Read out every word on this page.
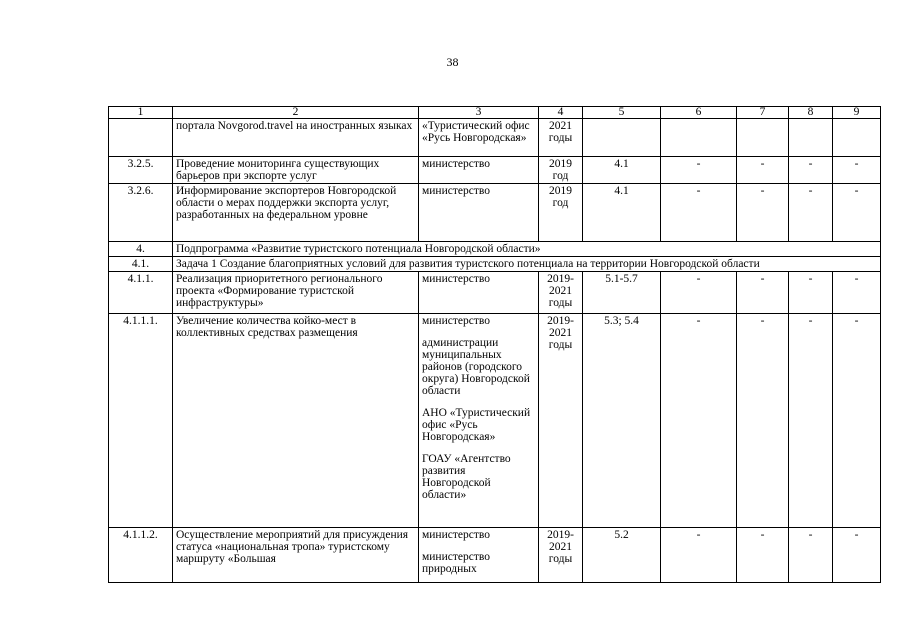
38
1	2	3	4	5	6	7	8	9
	портала Novgorod.travel на иностранных языках	«Туристический офис «Русь Новгородская»	2021 годы					
3.2.5.	Проведение мониторинга существующих барьеров при экспорте услуг	министерство	2019 год	4.1	-	-	-	-
3.2.6.	Информирование экспортеров Новгородской области о мерах поддержки экспорта услуг, разработанных на федеральном уровне	министерство	2019 год	4.1	-	-	-	-
4.	Подпрограмма «Развитие туристского потенциала Новгородской области»							
4.1.	Задача 1 Создание благоприятных условий для развития туристского потенциала на территории Новгородской области							
4.1.1.	Реализация приоритетного регионального проекта «Формирование туристской инфраструктуры»	министерство	2019-2021 годы	5.1-5.7	-	-	-	-
4.1.1.1.	Увеличение количества койко-мест в коллективных средствах размещения	министерство
администрации муниципальных районов (городского округа) Новгородской области
АНО «Туристический офис «Русь Новгородская»
ГОАУ «Агентство развития Новгородской области»	2019-2021 годы	5.3; 5.4	-	-	-	-
4.1.1.2.	Осуществление мероприятий для присуждения статуса «национальная тропа» туристскому маршруту «Большая	министерство
министерство природных	2019-2021 годы	5.2	-	-	-	-
